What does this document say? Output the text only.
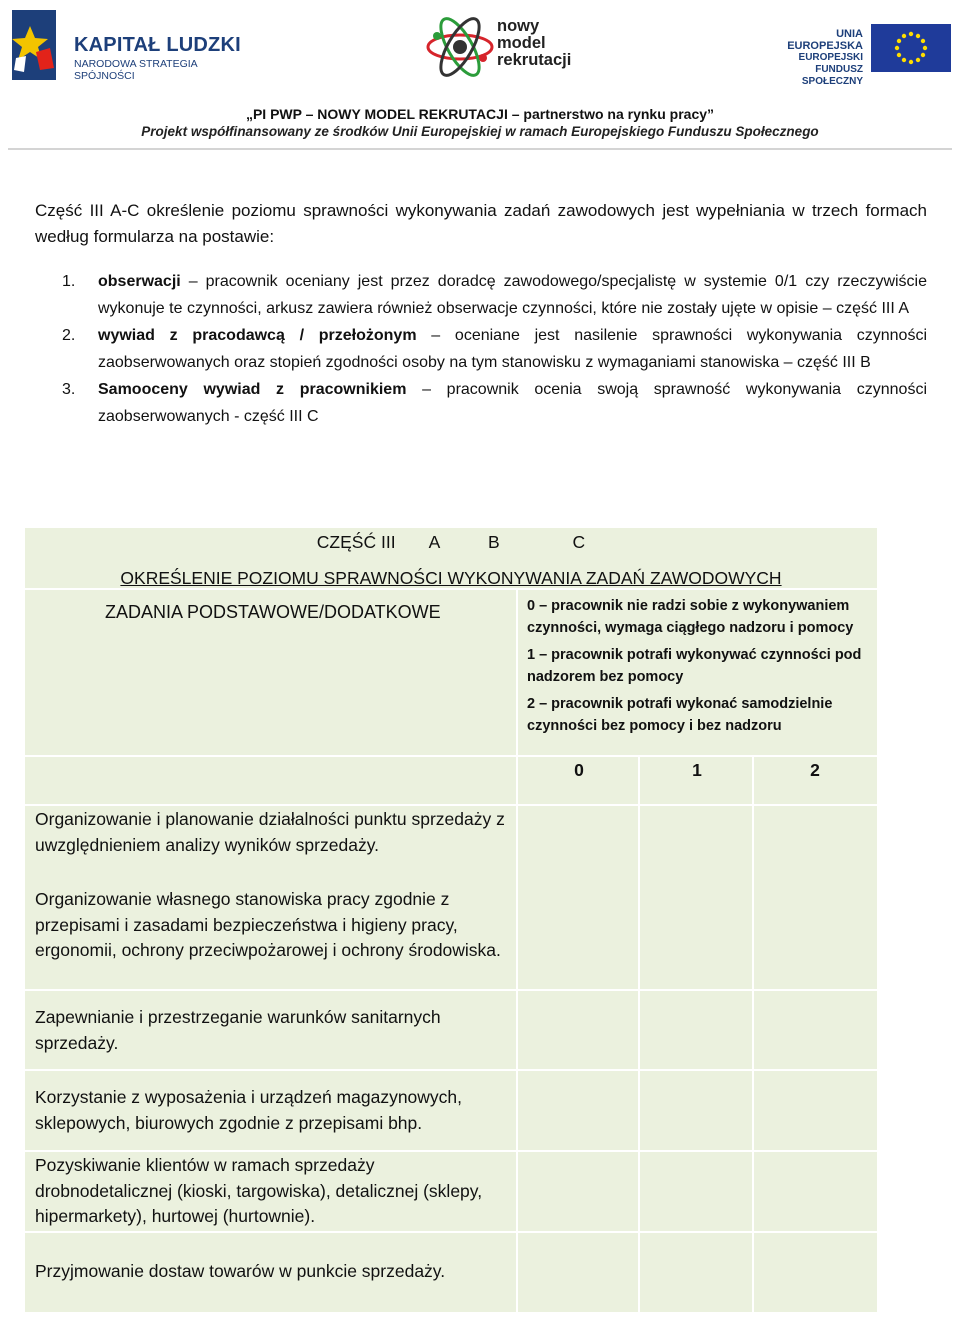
KAPITAŁ LUDZKI
NARODOWA STRATEGIA SPÓJNOŚCI
nowy
model
rekrutacji
UNIA EUROPEJSKA
EUROPEJSKI
FUNDUSZ SPOŁECZNY
„PI PWP – NOWY MODEL REKRUTACJI – partnerstwo na rynku pracy”
Projekt współfinansowany ze środków Unii Europejskiej w ramach Europejskiego Funduszu Społecznego
Część III A-C określenie poziomu sprawności wykonywania zadań zawodowych jest wypełniania w trzech formach według formularza na postawie:
1. obserwacji – pracownik oceniany jest przez doradcę zawodowego/specjalistę w systemie 0/1 czy rzeczywiście wykonuje te czynności, arkusz zawiera również obserwacje czynności, które nie zostały ujęte w opisie – część III A
2. wywiad z pracodawcą / przełożonym – oceniane jest nasilenie sprawności wykonywania czynności zaobserwowanych oraz stopień zgodności osoby na tym stanowisku z wymaganiami stanowiska – część III B
3. Samooceny wywiad z pracownikiem – pracownik ocenia swoją sprawność wykonywania czynności zaobserwowanych - część III C
CZĘŚĆ III       A          B               C
OKREŚLENIE POZIOMU SPRAWNOŚCI WYKONYWANIA ZADAŃ ZAWODOWYCH
ZADANIA PODSTAWOWE/DODATKOWE	0 – pracownik nie radzi sobie z wykonywaniem czynności, wymaga ciągłego nadzoru i pomocy
1 – pracownik potrafi wykonywać czynności pod nadzorem bez pomocy
2 – pracownik potrafi wykonać samodzielnie czynności bez pomocy i bez nadzoru
0	1	2
Organizowanie i planowanie działalności punktu sprzedaży z uwzględnieniem analizy wyników sprzedaży.
Organizowanie własnego stanowiska pracy zgodnie z przepisami i zasadami bezpieczeństwa i higieny pracy, ergonomii, ochrony przeciwpożarowej i ochrony środowiska.
Zapewnianie i przestrzeganie warunków sanitarnych sprzedaży.
Korzystanie z wyposażenia i urządzeń magazynowych, sklepowych, biurowych zgodnie z przepisami bhp.
Pozyskiwanie klientów w ramach sprzedaży drobnodetalicznej (kioski, targowiska), detalicznej (sklepy, hipermarkety), hurtowej (hurtownie).
Przyjmowanie dostaw towarów w punkcie sprzedaży.
